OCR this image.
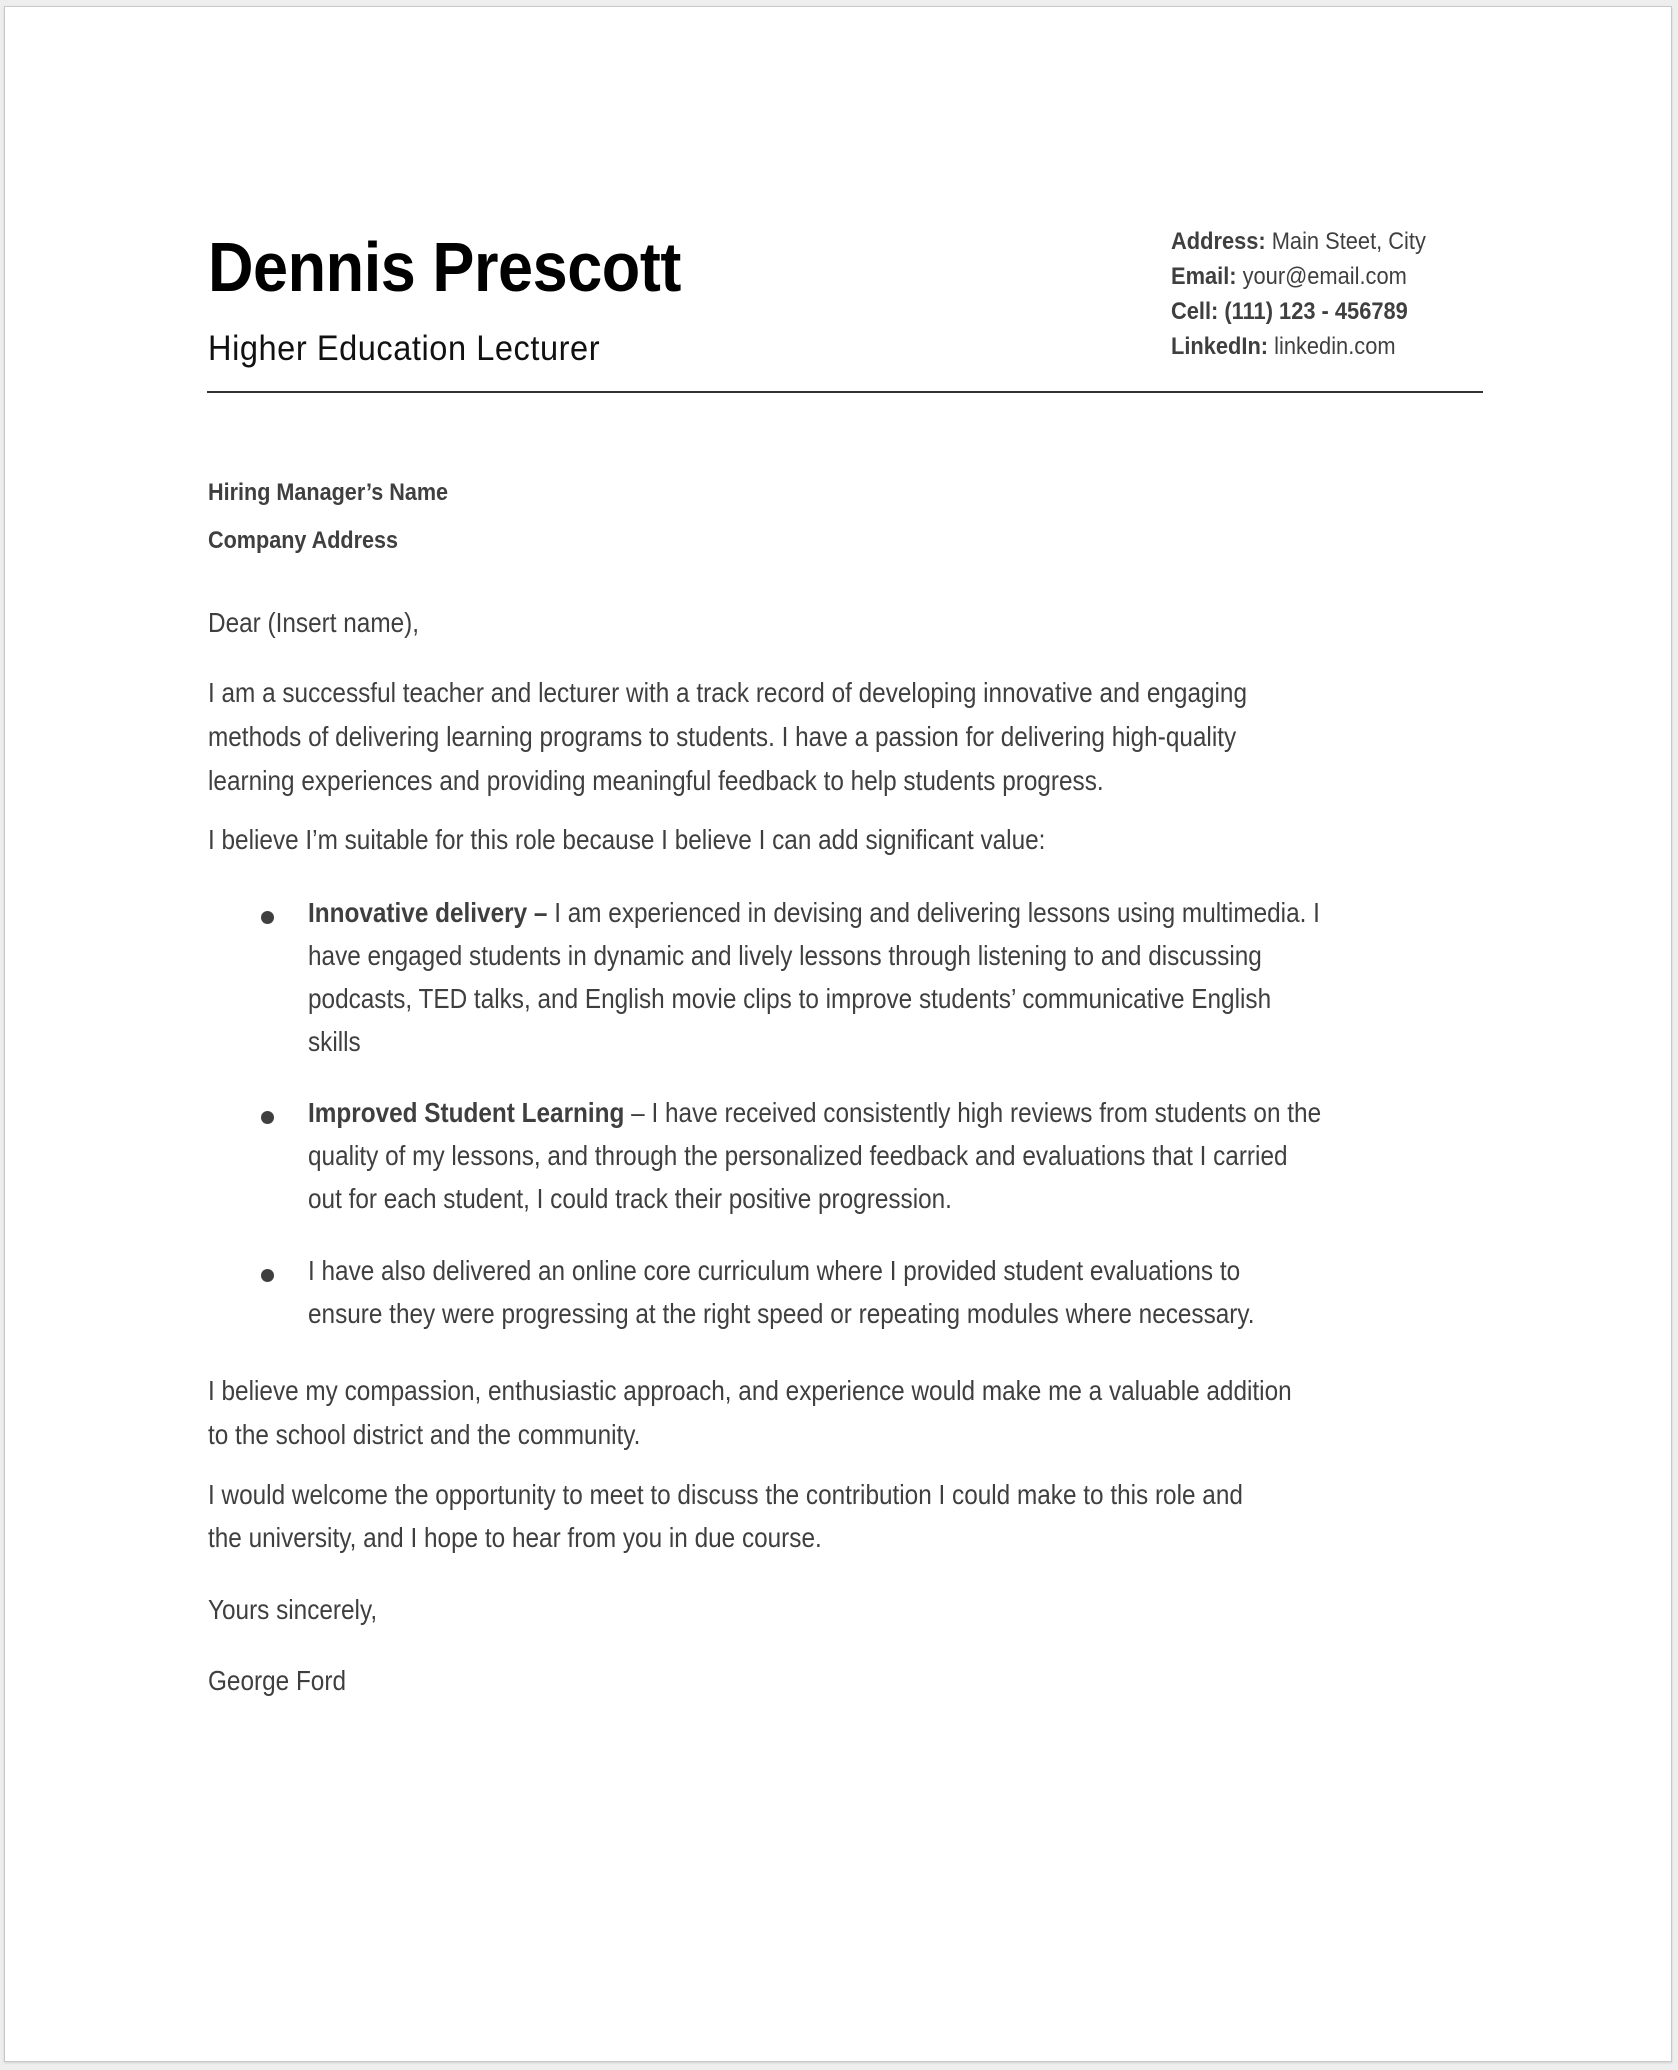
Dennis Prescott
Higher Education Lecturer
Address: Main Steet, City
Email: your@email.com
Cell: (111) 123 - 456789
LinkedIn: linkedin.com
Hiring Manager’s Name
Company Address
Dear (Insert name),
I am a successful teacher and lecturer with a track record of developing innovative and engaging
methods of delivering learning programs to students. I have a passion for delivering high-quality
learning experiences and providing meaningful feedback to help students progress.
I believe I’m suitable for this role because I believe I can add significant value:
Innovative delivery – I am experienced in devising and delivering lessons using multimedia. I
have engaged students in dynamic and lively lessons through listening to and discussing
podcasts, TED talks, and English movie clips to improve students’ communicative English
skills
Improved Student Learning – I have received consistently high reviews from students on the
quality of my lessons, and through the personalized feedback and evaluations that I carried
out for each student, I could track their positive progression.
I have also delivered an online core curriculum where I provided student evaluations to
ensure they were progressing at the right speed or repeating modules where necessary.
I believe my compassion, enthusiastic approach, and experience would make me a valuable addition
to the school district and the community.
I would welcome the opportunity to meet to discuss the contribution I could make to this role and
the university, and I hope to hear from you in due course.
Yours sincerely,
George Ford
